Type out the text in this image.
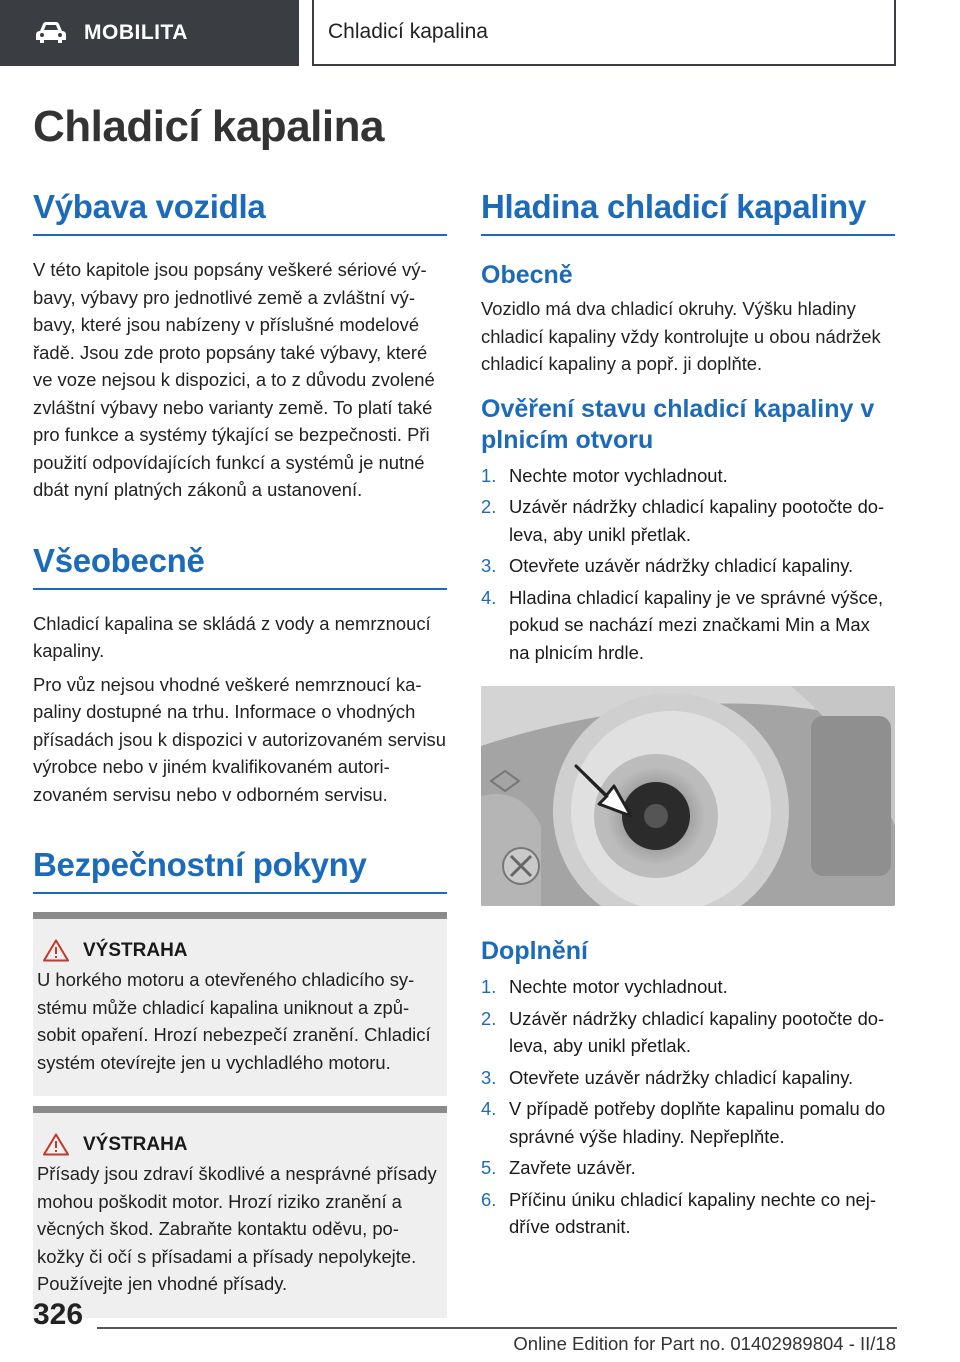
MOBILITA	Chladicí kapalina
Chladicí kapalina
Výbava vozidla

V této kapitole jsou popsány veškeré sériové výbavy, výbavy pro jednotlivé země a zvláštní výbavy, které jsou nabízeny v příslušné modelové řadě. Jsou zde proto popsány také výbavy, které ve voze nejsou k dispozici, a to z důvodu zvolené zvláštní výbavy nebo varianty země. To platí také pro funkce a systémy týkající se bezpečnosti. Při použití odpovídajících funkcí a systémů je nutné dbát nyní platných zákonů a ustanovení.

Všeobecně

Chladicí kapalina se skládá z vody a nemrznoucí kapaliny.

Pro vůz nejsou vhodné veškeré nemrznoucí kapaliny dostupné na trhu. Informace o vhodných přísadách jsou k dispozici v autorizovaném servisu výrobce nebo v jiném kvalifikovaném autorizovaném servisu nebo v odborném servisu.

Bezpečnostní pokyny
VÝSTRAHA

U horkého motoru a otevřeného chladicího systému může chladicí kapalina uniknout a způsobit opaření. Hrozí nebezpečí zranění. Chladicí systém otevírejte jen u vychladlého motoru.

VÝSTRAHA

Přísady jsou zdraví škodlivé a nesprávné přísady mohou poškodit motor. Hrozí riziko zranění a věcných škod. Zabraňte kontaktu oděvu, pokožky či očí s přísadami a přísady nepolykejte. Používejte jen vhodné přísady.

Hladina chladicí kapaliny
Obecně

Vozidlo má dva chladicí okruhy. Výšku hladiny chladicí kapaliny vždy kontrolujte u obou nádržek chladicí kapaliny a popř. ji doplňte.

Ověření stavu chladicí kapaliny v plnicím otvoru
1. Nechte motor vychladnout.
2. Uzávěr nádržky chladicí kapaliny pootočte doleva, aby unikl přetlak.
3. Otevřete uzávěr nádržky chladicí kapaliny.
4. Hladina chladicí kapaliny je ve správné výšce, pokud se nachází mezi značkami Min a Max na plnicím hrdle.
Doplnění
1. Nechte motor vychladnout.
2. Uzávěr nádržky chladicí kapaliny pootočte doleva, aby unikl přetlak.
3. Otevřete uzávěr nádržky chladicí kapaliny.
4. V případě potřeby doplňte kapalinu pomalu do správné výše hladiny. Nepřeplňte.
5. Zavřete uzávěr.
6. Příčinu úniku chladicí kapaliny nechte co nejdříve odstranit.
326
Online Edition for Part no. 01402989804 - II/18
